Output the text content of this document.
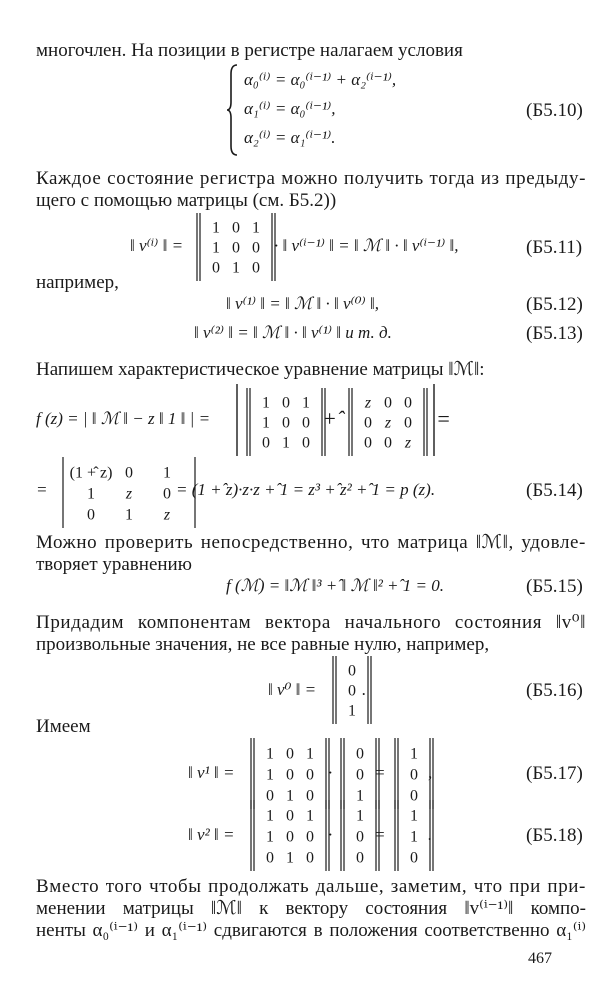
многочлен. На позиции в регистре налагаем условия
α₀⁽ⁱ⁾ = α₀⁽ⁱ⁻¹⁾ + α₂⁽ⁱ⁻¹⁾,
α₁⁽ⁱ⁾ = α₀⁽ⁱ⁻¹⁾,
α₂⁽ⁱ⁾ = α₁⁽ⁱ⁻¹⁾.
(Б5.10)
Каждое состояние регистра можно получить тогда из предыду-
щего с помощью матрицы (см. Б5.2))
‖ v⁽ⁱ⁾ ‖ =
1 0 1
1 0 0
0 1 0
· ‖ v⁽ⁱ⁻¹⁾ ‖ = ‖ ℳ ‖ · ‖ v⁽ⁱ⁻¹⁾ ‖,	(Б5.11)
например,
‖ v⁽¹⁾ ‖ = ‖ ℳ ‖ · ‖ v⁽⁰⁾ ‖,	(Б5.12)
‖ v⁽²⁾ ‖ = ‖ ℳ ‖ · ‖ v⁽¹⁾ ‖ и т. д.	(Б5.13)
Напишем характеристическое уравнение матрицы ‖ℳ‖:
f (z) = | ‖ ℳ ‖ − z ‖ 1 ‖ | =
1 0 1
1 0 0
0 1 0
+̂
z 0 0
0 z 0
0 0 z
=
=
(1 +̂ z) 0 1
1 z 0
0 1 z
= (1 +̂ z)·z·z +̂ 1 = z³ +̂ z² +̂ 1 = p (z).	(Б5.14)
Можно проверить непосредственно, что матрица ‖ℳ‖, удовле-
творяет уравнению
f (ℳ) = ‖ℳ ‖³ +̂ ‖ ℳ ‖² +̂ 1 = 0.	(Б5.15)
Придадим компонентам вектора начального состояния ‖v⁰‖
произвольные значения, не все равные нулю, например,
‖ v⁰ ‖ =
0
0
1
.	(Б5.16)
Имеем
‖ v¹ ‖ =
1 0 1
1 0 0
0 1 0
·
0
0
1
=
1
0
0
,	(Б5.17)
‖ v² ‖ =
1 0 1
1 0 0
0 1 0
·
1
0
0
=
1
1
0
.	(Б5.18)
Вместо того чтобы продолжать дальше, заметим, что при при-
менении матрицы ‖ℳ‖ к вектору состояния ‖v⁽ⁱ⁻¹⁾‖ компо-
ненты α₀⁽ⁱ⁻¹⁾ и α₁⁽ⁱ⁻¹⁾ сдвигаются в положения соответственно α₁⁽ⁱ⁾
467
